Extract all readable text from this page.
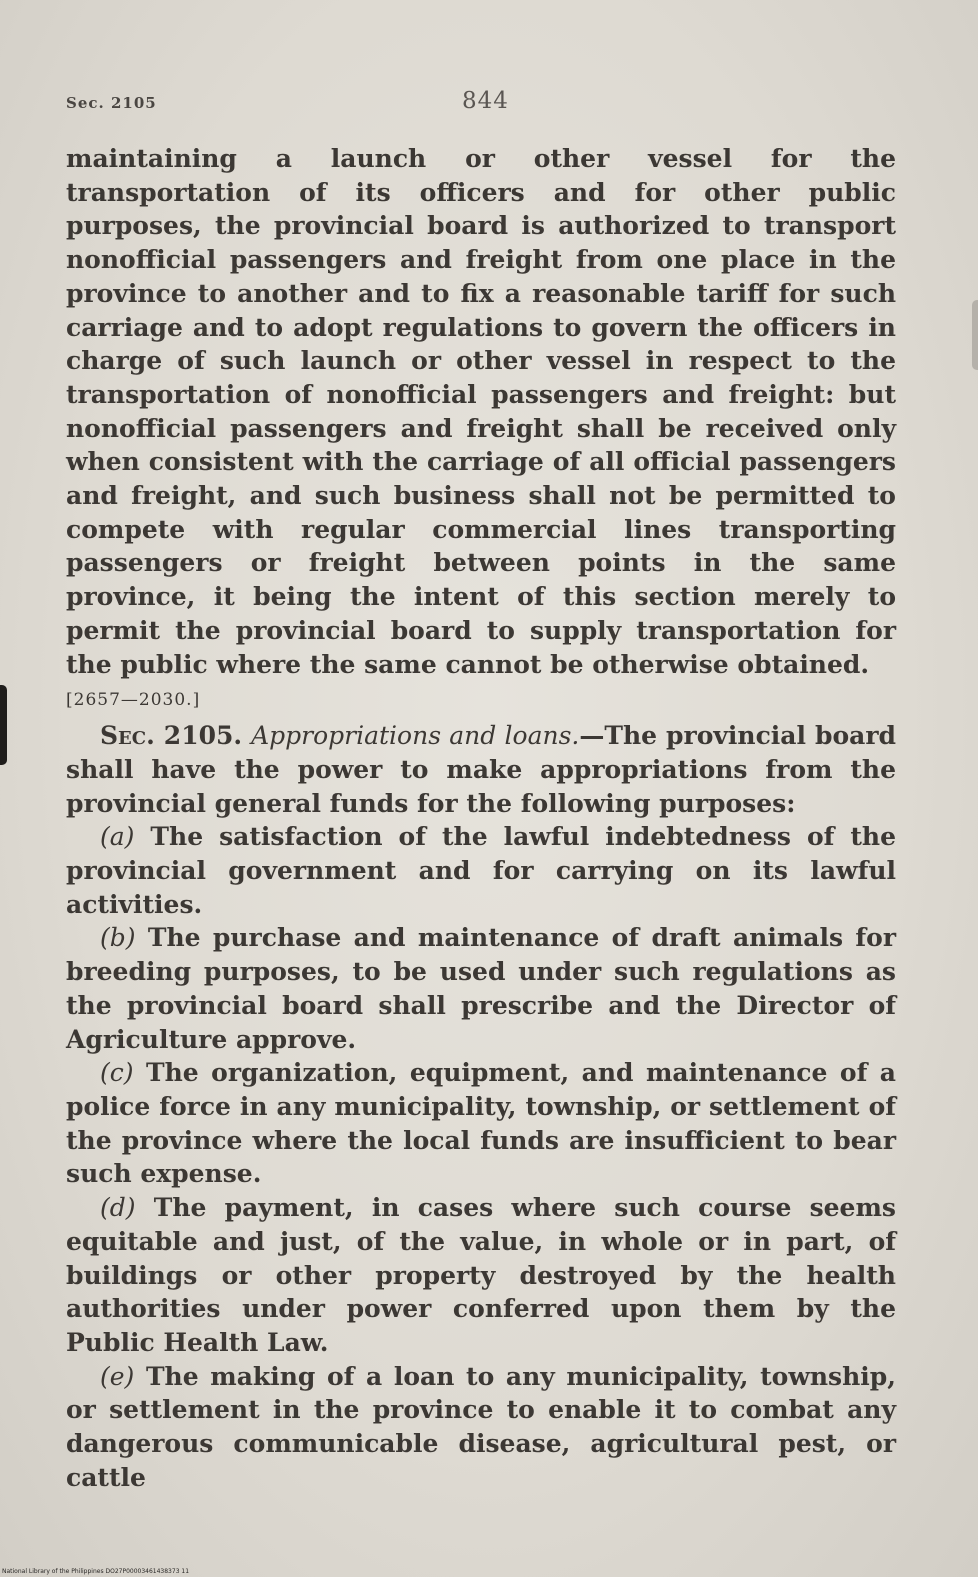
Sec. 2105	844

maintaining a launch or other vessel for the transportation of its officers and for other public purposes, the provincial board is authorized to transport nonofficial passengers and freight from one place in the province to another and to fix a reasonable tariff for such carriage and to adopt regulations to govern the officers in charge of such launch or other vessel in respect to the transportation of nonofficial passengers and freight: but nonofficial passengers and freight shall be received only when consistent with the carriage of all official passengers and freight, and such business shall not be permitted to compete with regular commercial lines transporting passengers or freight between points in the same province, it being the intent of this section merely to permit the provincial board to supply transportation for the public where the same cannot be otherwise obtained.

[2657—2030.]

Sec. 2105. Appropriations and loans.—The provincial board shall have the power to make appropriations from the provincial general funds for the following purposes:

(a) The satisfaction of the lawful indebtedness of the provincial government and for carrying on its lawful activities.

(b) The purchase and maintenance of draft animals for breeding purposes, to be used under such regulations as the provincial board shall prescribe and the Director of Agriculture approve.

(c) The organization, equipment, and maintenance of a police force in any municipality, township, or settlement of the province where the local funds are insufficient to bear such expense.

(d) The payment, in cases where such course seems equitable and just, of the value, in whole or in part, of buildings or other property destroyed by the health authorities under power conferred upon them by the Public Health Law.

(e) The making of a loan to any municipality, township, or settlement in the province to enable it to combat any dangerous communicable disease, agricultural pest, or cattle

National Library of the Philippines DO27P00003461438373 11
